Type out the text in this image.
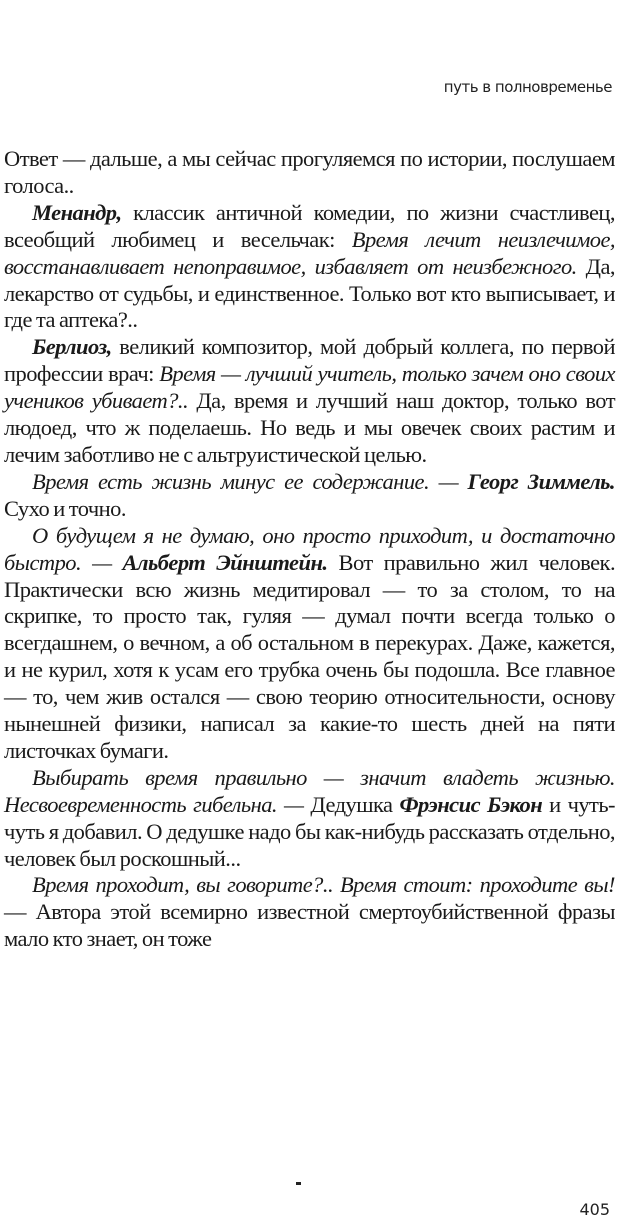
путь в полновременье

Ответ — дальше, а мы сейчас прогуляемся по истории, послушаем голоса..

Менандр, классик античной комедии, по жизни счастливец, всеобщий любимец и весельчак: Время лечит неизлечимое, восстанавливает непоправимое, избавляет от неизбежного. Да, лекарство от судьбы, и единственное. Только вот кто выписывает, и где та аптека?..

Берлиоз, великий композитор, мой добрый коллега, по первой профессии врач: Время — лучший учитель, только зачем оно своих учеников убивает?.. Да, время и лучший наш доктор, только вот людоед, что ж поделаешь. Но ведь и мы овечек своих растим и лечим заботливо не с альтруистической целью.

Время есть жизнь минус ее содержание. — Георг Зиммель. Сухо и точно.

О будущем я не думаю, оно просто приходит, и достаточно быстро. — Альберт Эйнштейн. Вот правильно жил человек. Практически всю жизнь медитировал — то за столом, то на скрипке, то просто так, гуляя — думал почти всегда только о всегдашнем, о вечном, а об остальном в перекурах. Даже, кажется, и не курил, хотя к усам его трубка очень бы подошла. Все главное — то, чем жив остался — свою теорию относительности, основу нынешней физики, написал за какие-то шесть дней на пяти листочках бумаги.

Выбирать время правильно — значит владеть жизнью. Несвоевременность гибельна. — Дедушка Фрэнсис Бэкон и чуть-чуть я добавил. О дедушке надо бы как-нибудь рассказать отдельно, человек был роскошный...

Время проходит, вы говорите?.. Время стоит: проходите вы! — Автора этой всемирно известной смертоубийственной фразы мало кто знает, он тоже

405
